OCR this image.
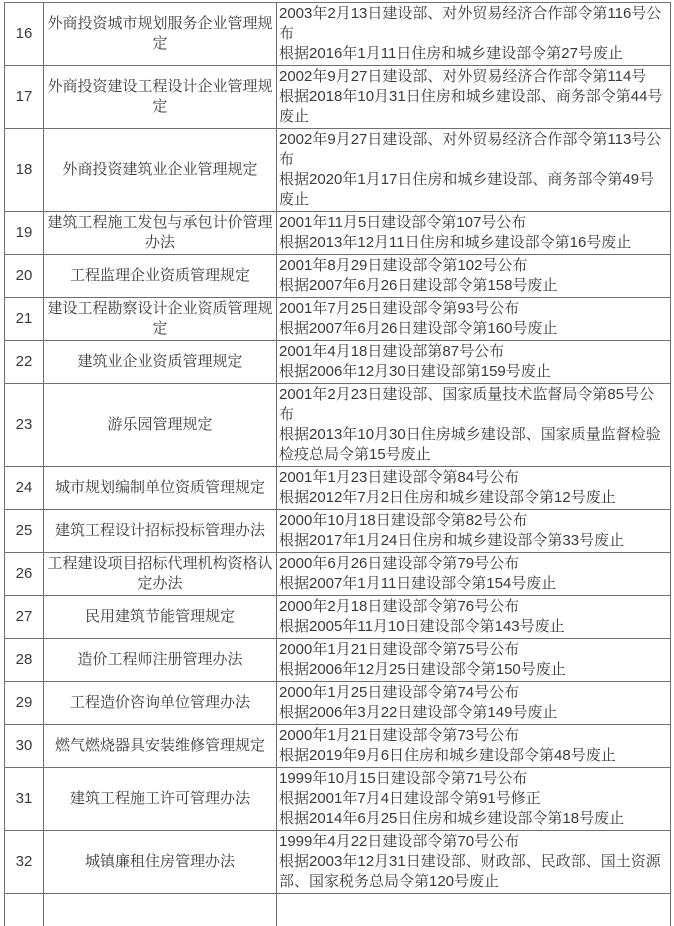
16	外商投资城市规划服务企业管理规定	2003年2月13日建设部、对外贸易经济合作部令第116号公布
根据2016年1月11日住房和城乡建设部令第27号废止

17	外商投资建设工程设计企业管理规定	2002年9月27日建设部、对外贸易经济合作部令第114号
根据2018年10月31日住房和城乡建设部、商务部令第44号废止

18	外商投资建筑业企业管理规定	2002年9月27日建设部、对外贸易经济合作部令第113号公布
根据2020年1月17日住房和城乡建设部、商务部令第49号废止

19	建筑工程施工发包与承包计价管理办法	2001年11月5日建设部令第107号公布
根据2013年12月11日住房和城乡建设部令第16号废止

20	工程监理企业资质管理规定	2001年8月29日建设部令第102号公布
根据2007年6月26日建设部令第158号废止

21	建设工程勘察设计企业资质管理规定	2001年7月25日建设部令第93号公布
根据2007年6月26日建设部令第160号废止

22	建筑业企业资质管理规定	2001年4月18日建设部第87号公布
根据2006年12月30日建设部第159号废止

23	游乐园管理规定	2001年2月23日建设部、国家质量技术监督局令第85号公布
根据2013年10月30日住房城乡建设部、国家质量监督检验检疫总局令第15号废止

24	城市规划编制单位资质管理规定	2001年1月23日建设部令第84号公布
根据2012年7月2日住房和城乡建设部令第12号废止

25	建筑工程设计招标投标管理办法	2000年10月18日建设部令第82号公布
根据2017年1月24日住房和城乡建设部令第33号废止

26	工程建设项目招标代理机构资格认定办法	2000年6月26日建设部令第79号公布
根据2007年1月11日建设部令第154号废止

27	民用建筑节能管理规定	2000年2月18日建设部令第76号公布
根据2005年11月10日建设部令第143号废止

28	造价工程师注册管理办法	2000年1月21日建设部令第75号公布
根据2006年12月25日建设部令第150号废止

29	工程造价咨询单位管理办法	2000年1月25日建设部令第74号公布
根据2006年3月22日建设部令第149号废止

30	燃气燃烧器具安装维修管理规定	2000年1月21日建设部令第73号公布
根据2019年9月6日住房和城乡建设部令第48号废止

31	建筑工程施工许可管理办法	1999年10月15日建设部令第71号公布
根据2001年7月4日建设部令第91号修正
根据2014年6月25日住房和城乡建设部令第18号废止

32	城镇廉租住房管理办法	1999年4月22日建设部令第70号公布
根据2003年12月31日建设部、财政部、民政部、国土资源部、国家税务总局令第120号废止
